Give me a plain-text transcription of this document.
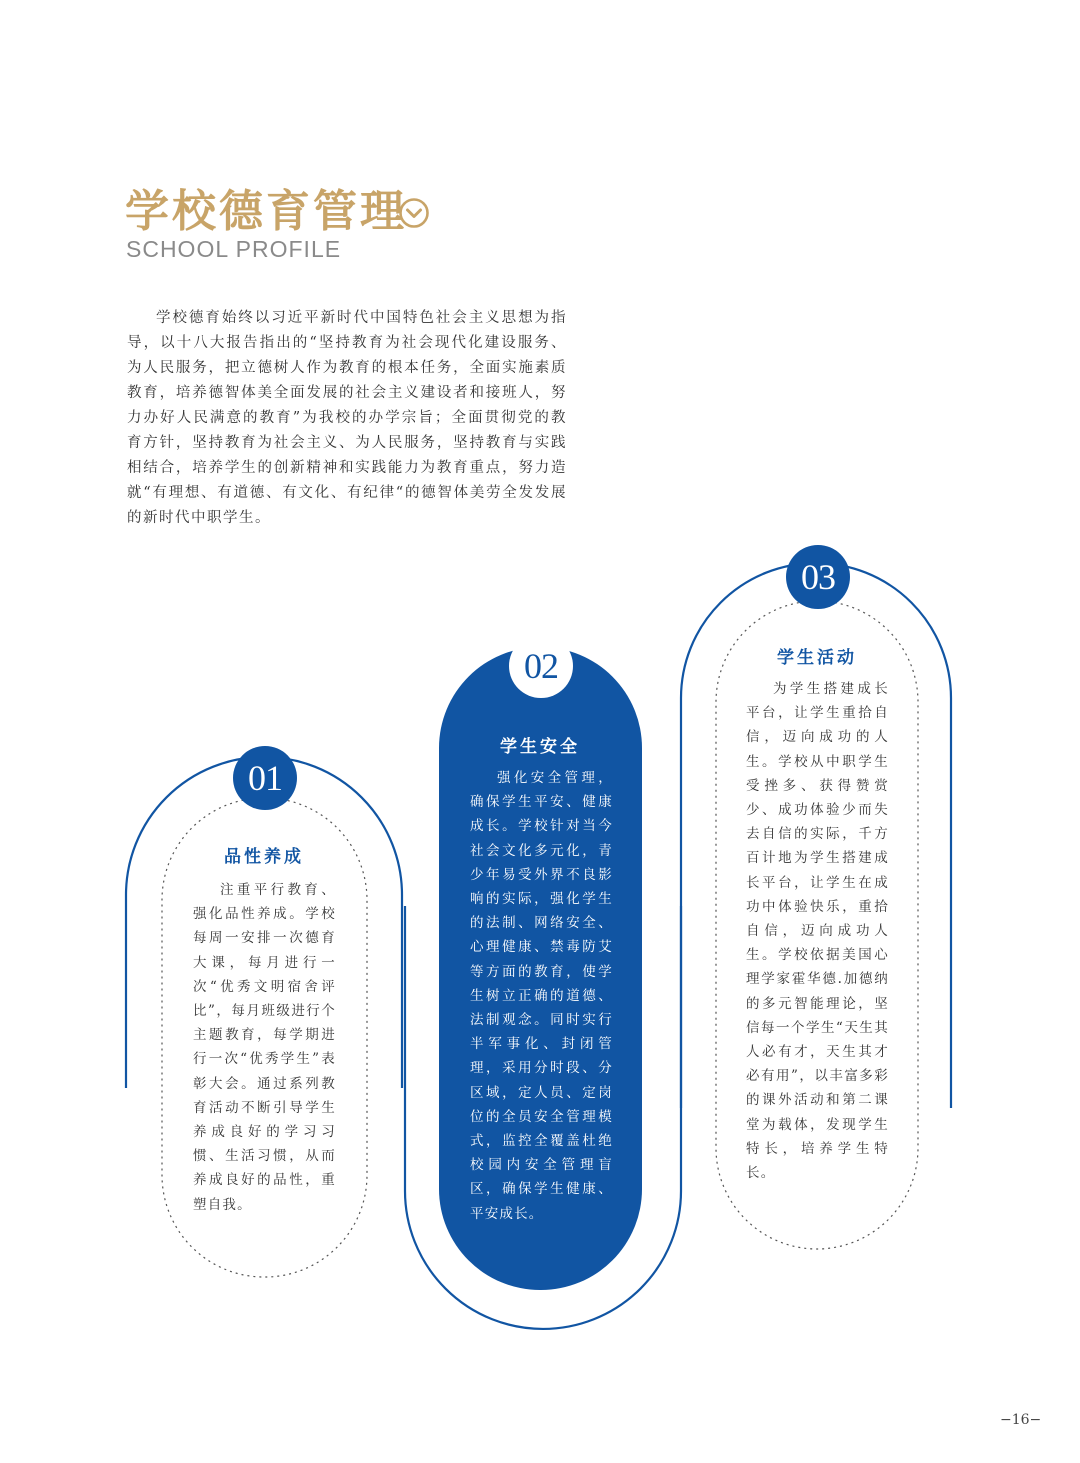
学校德育管理
SCHOOL PROFILE

学校德育始终以习近平新时代中国特色社会主义思想为指导，以十八大报告指出的“坚持教育为社会现代化建设服务、为人民服务，把立德树人作为教育的根本任务，全面实施素质教育，培养德智体美全面发展的社会主义建设者和接班人，努力办好人民满意的教育”为我校的办学宗旨；全面贯彻党的教育方针，坚持教育为社会主义、为人民服务，坚持教育与实践相结合，培养学生的创新精神和实践能力为教育重点，努力造就“有理想、有道德、有文化、有纪律“的德智体美劳全发发展的新时代中职学生。

01
品性养成

注重平行教育、强化品性养成。学校每周一安排一次德育大课，每月进行一次“优秀文明宿舍评比”，每月班级进行个主题教育，每学期进行一次“优秀学生”表彰大会。通过系列教育活动不断引导学生养成良好的学习习惯、生活习惯，从而养成良好的品性，重塑自我。

02
学生安全

强化安全管理，确保学生平安、健康成长。学校针对当今社会文化多元化，青少年易受外界不良影响的实际，强化学生的法制、网络安全、心理健康、禁毒防艾等方面的教育，使学生树立正确的道德、法制观念。同时实行半军事化、封闭管理，采用分时段、分区域，定人员、定岗位的全员安全管理模式，监控全覆盖杜绝校园内安全管理盲区，确保学生健康、平安成长。

03
学生活动

为学生搭建成长平台，让学生重拾自信，迈向成功的人生。学校从中职学生受挫多、获得赞赏少、成功体验少而失去自信的实际，千方百计地为学生搭建成长平台，让学生在成功中体验快乐，重拾自信，迈向成功人生。学校依据美国心理学家霍华德.加德纳的多元智能理论，坚信每一个学生“天生其人必有才，天生其才必有用”，以丰富多彩的课外活动和第二课堂为载体，发现学生特长，培养学生特长。

−16−
